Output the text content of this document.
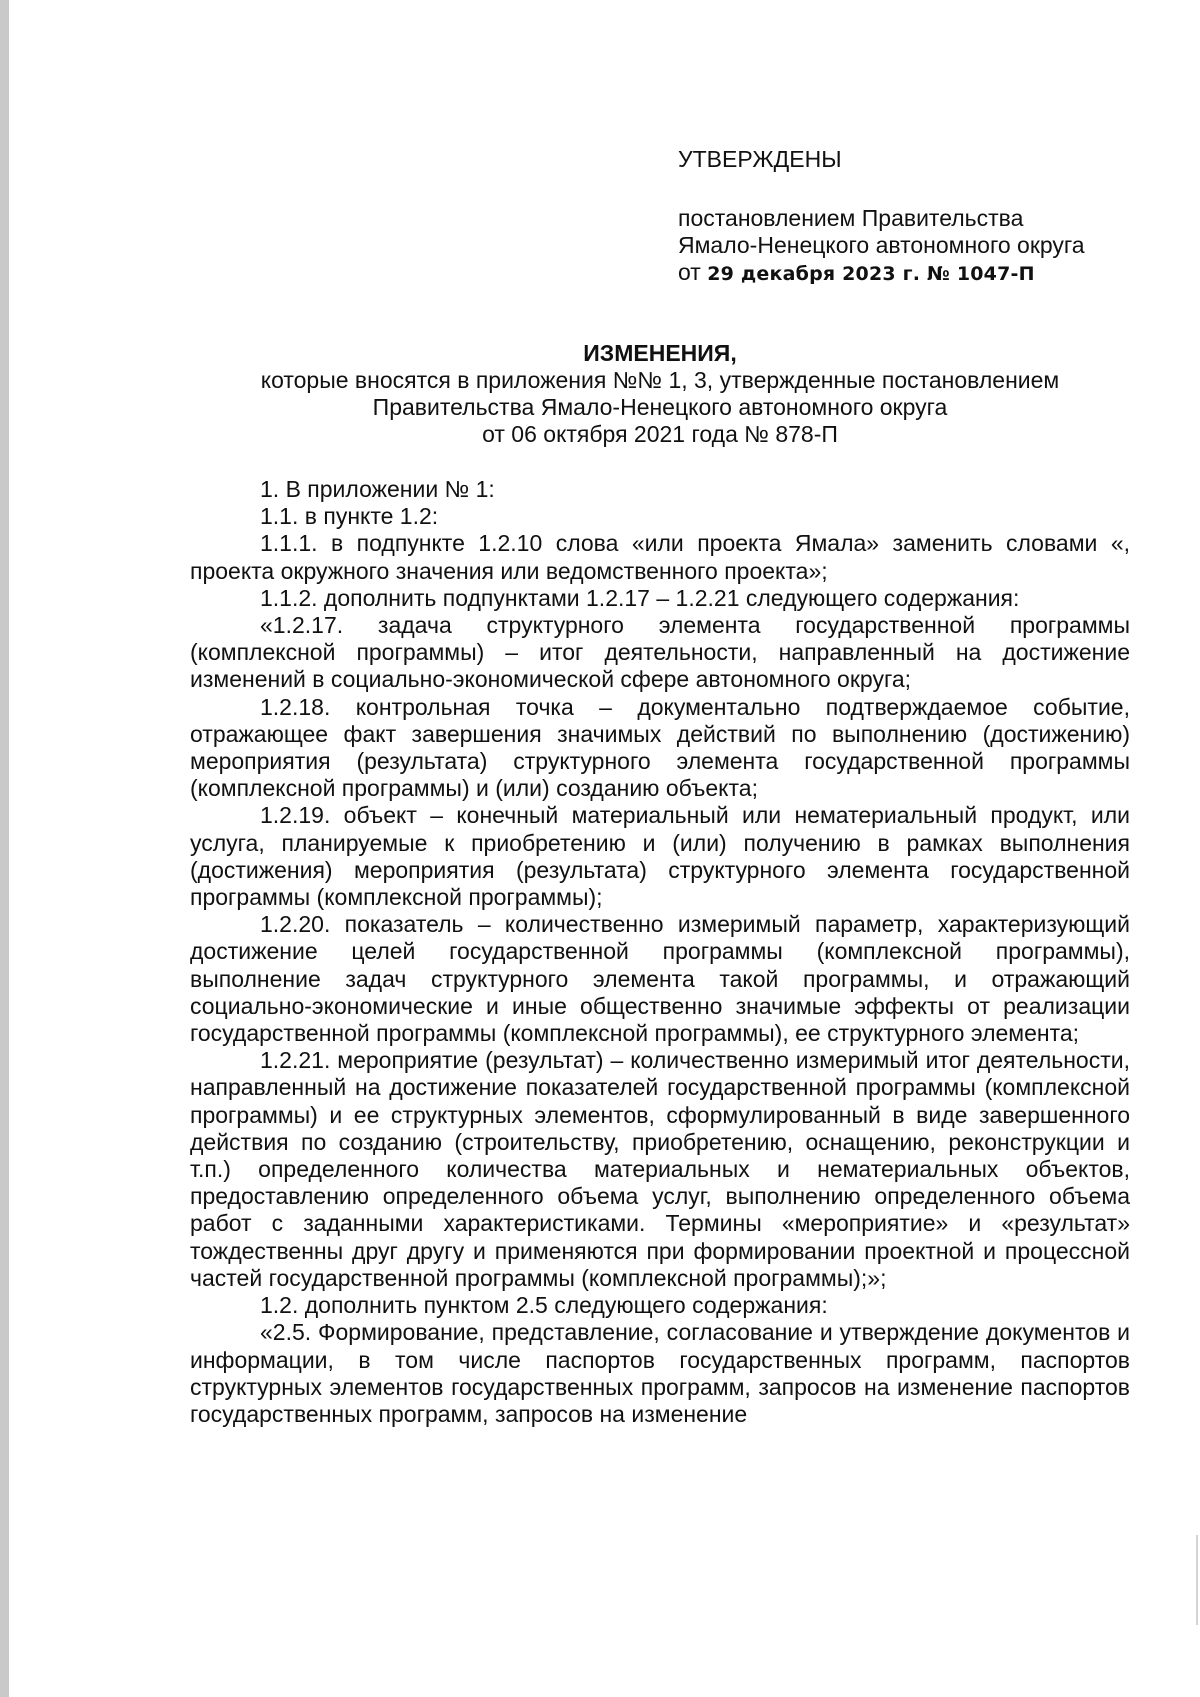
УТВЕРЖДЕНЫ
постановлением Правительства
Ямало-Ненецкого автономного округа
от 29 декабря 2023 г. № 1047-П
ИЗМЕНЕНИЯ,
которые вносятся в приложения №№ 1, 3, утвержденные постановлением
Правительства Ямало-Ненецкого автономного округа
от 06 октября 2021 года № 878-П

1. В приложении № 1:

1.1. в пункте 1.2:

1.1.1. в подпункте 1.2.10 слова «или проекта Ямала» заменить словами «, проекта окружного значения или ведомственного проекта»;

1.1.2. дополнить подпунктами 1.2.17 – 1.2.21 следующего содержания:

«1.2.17. задача структурного элемента государственной программы (комплексной программы) – итог деятельности, направленный на достижение изменений в социально-экономической сфере автономного округа;

1.2.18. контрольная точка – документально подтверждаемое событие, отражающее факт завершения значимых действий по выполнению (достижению) мероприятия (результата) структурного элемента государственной программы (комплексной программы) и (или) созданию объекта;

1.2.19. объект – конечный материальный или нематериальный продукт, или услуга, планируемые к приобретению и (или) получению в рамках выполнения (достижения) мероприятия (результата) структурного элемента государственной программы (комплексной программы);

1.2.20. показатель – количественно измеримый параметр, характеризующий достижение целей государственной программы (комплексной программы), выполнение задач структурного элемента такой программы, и отражающий социально-экономические и иные общественно значимые эффекты от реализации государственной программы (комплексной программы), ее структурного элемента;

1.2.21. мероприятие (результат) – количественно измеримый итог деятельности, направленный на достижение показателей государственной программы (комплексной программы) и ее структурных элементов, сформулированный в виде завершенного действия по созданию (строительству, приобретению, оснащению, реконструкции и т.п.) определенного количества материальных и нематериальных объектов, предоставлению определенного объема услуг, выполнению определенного объема работ с заданными характеристиками. Термины «мероприятие» и «результат» тождественны друг другу и применяются при формировании проектной и процессной частей государственной программы (комплексной программы);»;

1.2. дополнить пунктом 2.5 следующего содержания:

«2.5. Формирование, представление, согласование и утверждение документов и информации, в том числе паспортов государственных программ, паспортов структурных элементов государственных программ, запросов на изменение паспортов государственных программ, запросов на изменение
